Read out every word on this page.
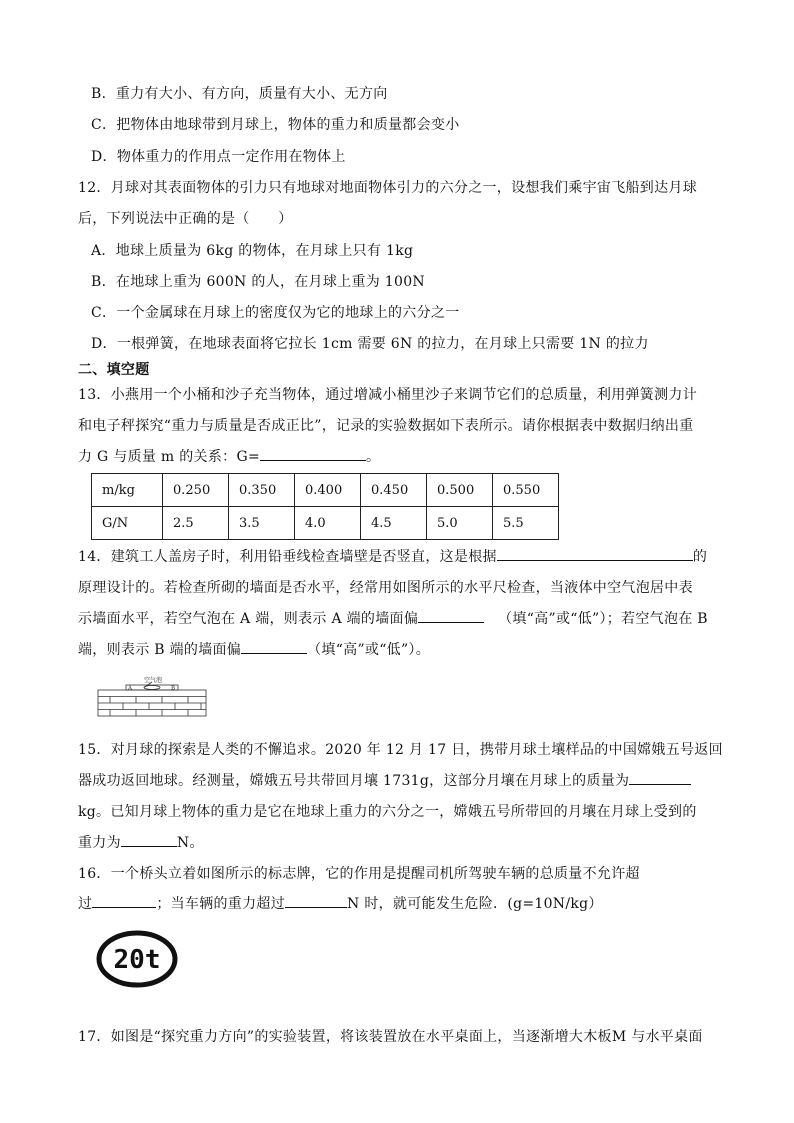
B．重力有大小、有方向，质量有大小、无方向
C．把物体由地球带到月球上，物体的重力和质量都会变小
D．物体重力的作用点一定作用在物体上
12．月球对其表面物体的引力只有地球对地面物体引力的六分之一，设想我们乘宇宙飞船到达月球
后，下列说法中正确的是（　　）
A．地球上质量为 6kg 的物体，在月球上只有 1kg
B．在地球上重为 600N 的人，在月球上重为 100N
C．一个金属球在月球上的密度仅为它的地球上的六分之一
D．一根弹簧，在地球表面将它拉长 1cm 需要 6N 的拉力，在月球上只需要 1N 的拉力
二、填空题
13．小燕用一个小桶和沙子充当物体，通过增减小桶里沙子来调节它们的总质量，利用弹簧测力计
和电子秤探究“重力与质量是否成正比”，记录的实验数据如下表所示。请你根据表中数据归纳出重
力 G 与质量 m 的关系：G=	。
m/kg	0.250	0.350	0.400	0.450	0.500	0.550
G/N	2.5	3.5	4.0	4.5	5.0	5.5
14．建筑工人盖房子时，利用铅垂线检查墙壁是否竖直，这是根据	的
原理设计的。若检查所砌的墙面是否水平，经常用如图所示的水平尺检查，当液体中空气泡居中表
示墙面水平，若空气泡在 A 端，则表示 A 端的墙面偏	（填“高”或“低”）；若空气泡在 B
端，则表示 B 端的墙面偏	（填“高”或“低”）。
空气泡
A	B
15．对月球的探索是人类的不懈追求。2020 年 12 月 17 日，携带月球土壤样品的中国嫦娥五号返回
器成功返回地球。经测量，嫦娥五号共带回月壤 1731g，这部分月壤在月球上的质量为
kg。已知月球上物体的重力是它在地球上重力的六分之一，嫦娥五号所带回的月壤在月球上受到的
重力为	N。
16．一个桥头立着如图所示的标志牌，它的作用是提醒司机所驾驶车辆的总质量不允许超
过	；当车辆的重力超过	N 时，就可能发生危险．(g=10N/kg）
20t
17．如图是“探究重力方向”的实验装置，将该装置放在水平桌面上，当逐渐增大木板M 与水平桌面
